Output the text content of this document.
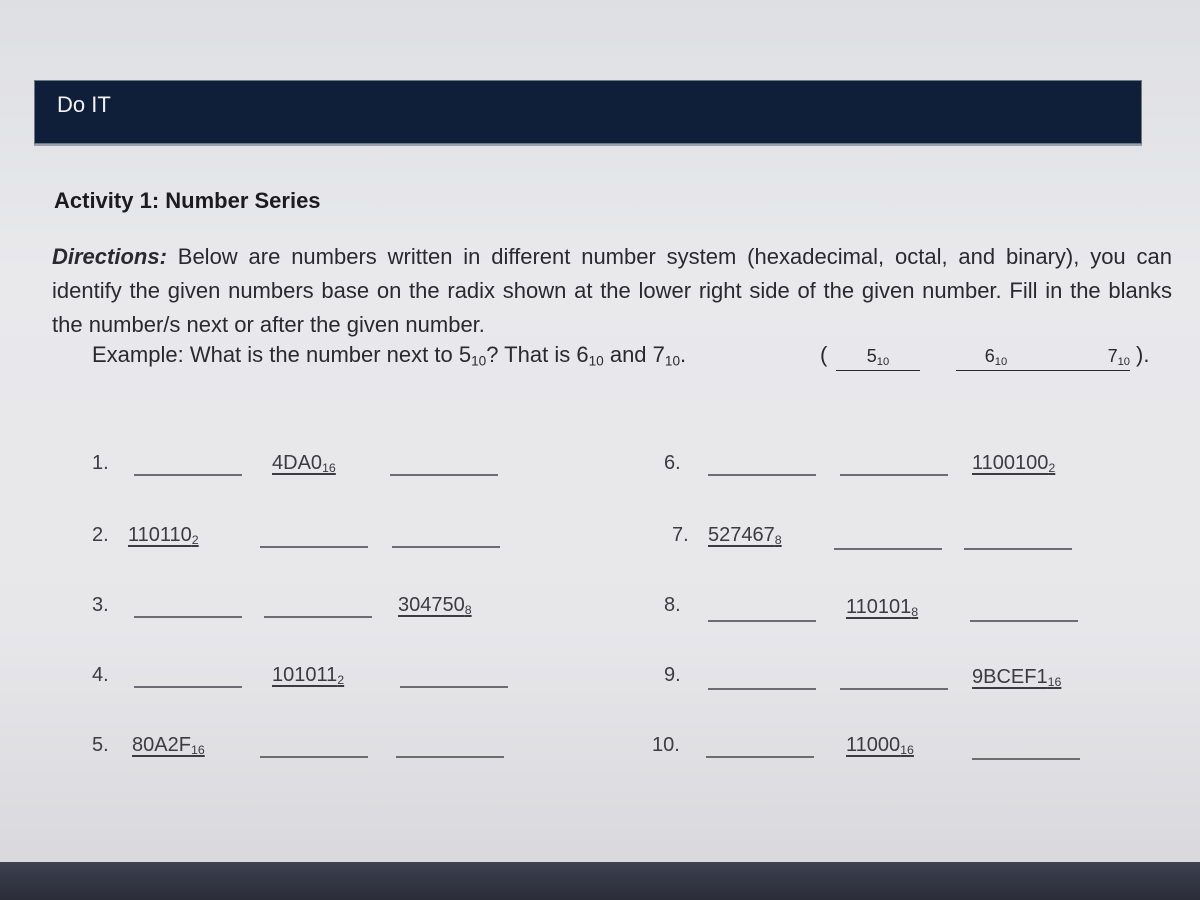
Do IT
Activity 1: Number Series
Directions: Below are numbers written in different number system (hexadecimal, octal, and binary), you can identify the given numbers base on the radix shown at the lower right side of the given number. Fill in the blanks the number/s next or after the given number.
Example: What is the number next to $5_{10}$? That is $6_{10}$ and $7_{10}$.	(	$5_{10}$	$6_{10}$	$7_{10}$ ).
1.	$4DA0_{16}$	6.	$1100100_2$
2. $110110_2$	7. $527467_8$
3.	$304750_8$	8.	$110101_8$
4.	$101011_2$	9.	$9BCEF1_{16}$
5. $80A2F_{16}$	10.	$11000_{16}$
